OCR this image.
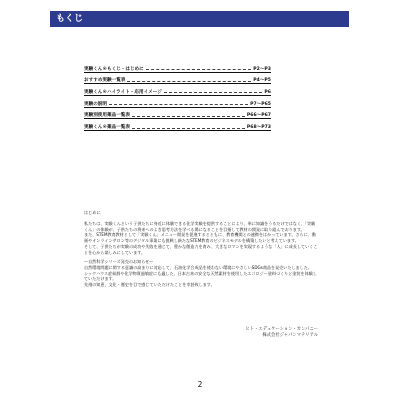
もくじ
実験くん®もくじ・はじめに	P2～P3
おすすめ実験一覧表	P4～P5
実験くん®ハイライト・応用イメージ	P6
実験の説明	P7～P65
実験別使用薬品一覧表	P66～P67
実験くん®薬品一覧表	P68～P73
はじめに

私たちは、実験くんという子供たちに身近に体験できる化学実験を提供することにより、単に知識をうるだけではなく、「実験くん」の体験が、子供たちの将来へのよき思考方法を学べる場になることを目指して教材の開発に取り組んでおります。

また、STEM教育教材として「実験くん」メニュー開発を促進するとともに、教育機関との連携をはかっています。さらに、動画やオンラインサロン等のデジタル事業にも挑戦し新たなSTEM教育のビジネスモデルを構築したいと考えています。

そして、子供たちが実験の成功や失敗を通じて、豊かな創造力を育み、大きなロマンを実現するような「人」に成長していくことを心から楽しみにしています。

～自然科学シリーズ発売のお知らせ～

自然環境問題に関する意識の高まりに対応して、石油化学合成品を使わない環境にやさしいSDGs商品を発売いたしました。

シックハウス症候群や化学物質過敏症にも適した、日本古来の安全な天然素材を使用したエコロジー塗料づくりと塗装を体験していただけます。

先週の知恵、文化・歴史を目で感じていただけたことを幸甚致します。

ヒト・エデュケーション・カンパニー
株式会社ジャパンマテリアル
2
